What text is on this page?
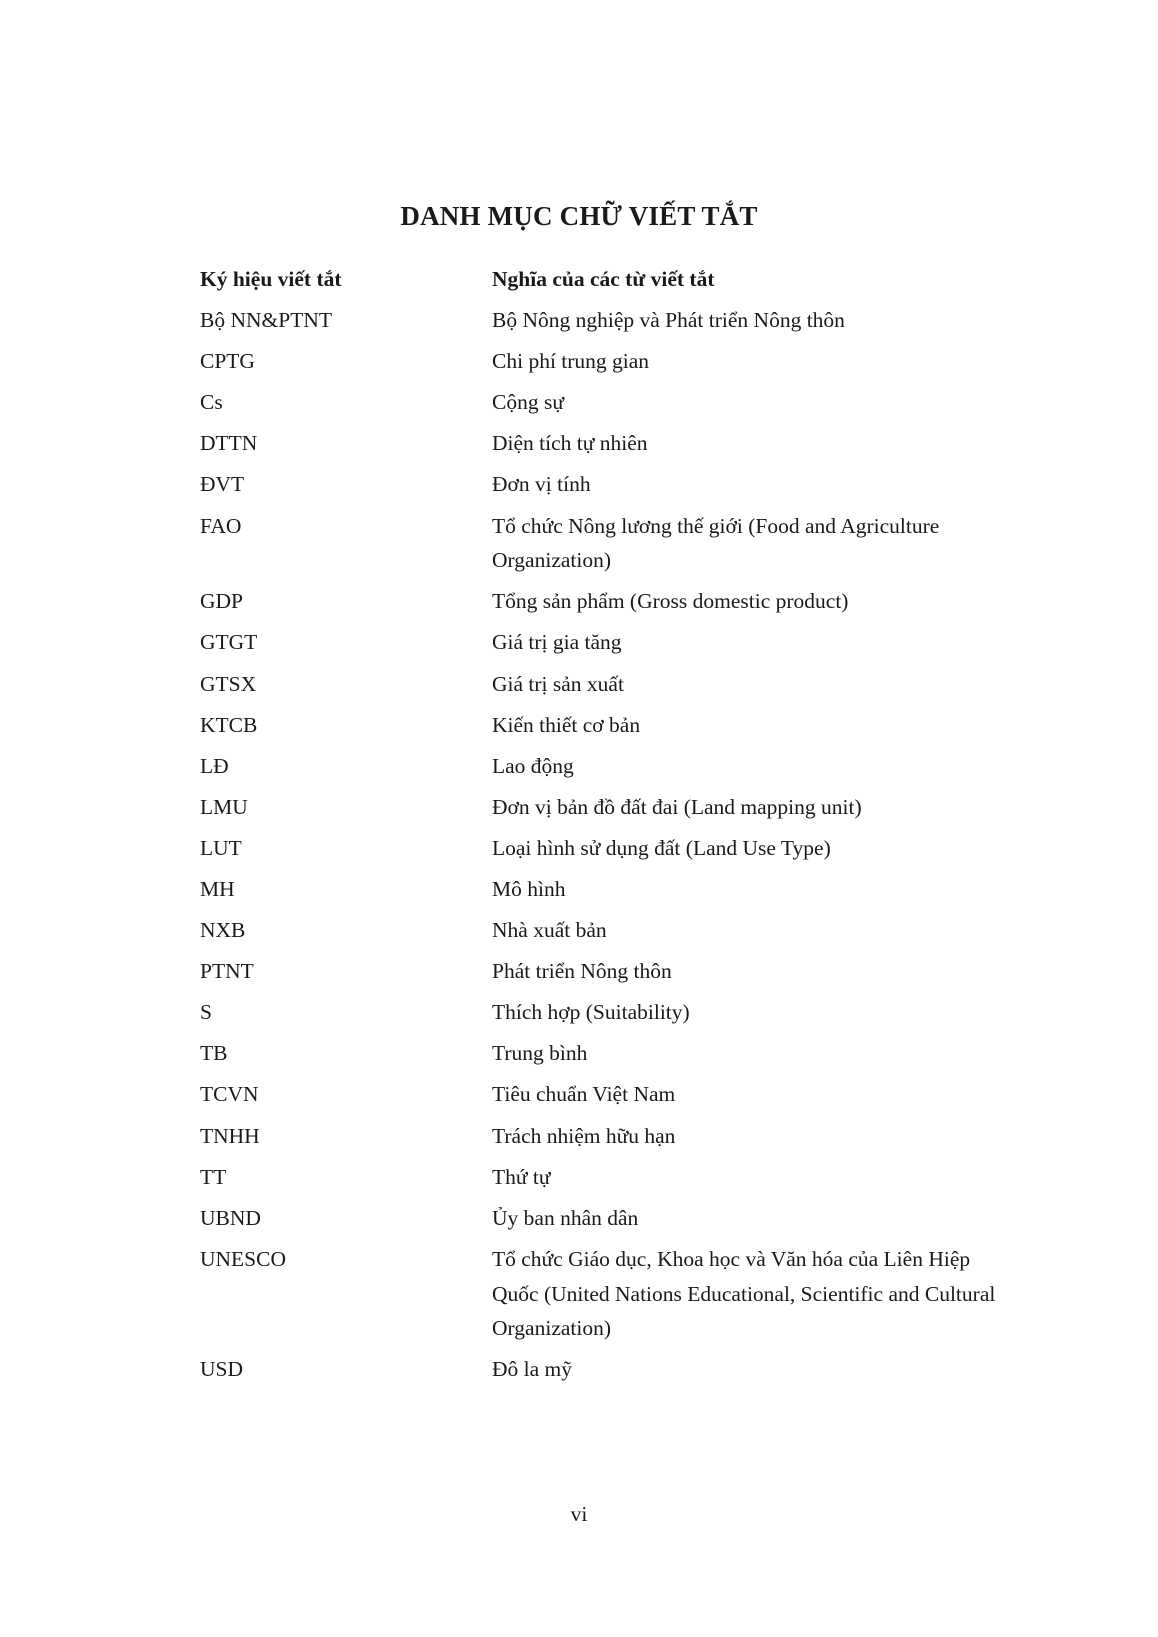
DANH MỤC CHỮ VIẾT TẮT
Ký hiệu viết tắt	Nghĩa của các từ viết tắt
Bộ NN&PTNT	Bộ Nông nghiệp và Phát triển Nông thôn
CPTG	Chi phí trung gian
Cs	Cộng sự
DTTN	Diện tích tự nhiên
ĐVT	Đơn vị tính
FAO	Tổ chức Nông lương thế giới (Food and Agriculture Organization)
GDP	Tổng sản phẩm (Gross domestic product)
GTGT	Giá trị gia tăng
GTSX	Giá trị sản xuất
KTCB	Kiến thiết cơ bản
LĐ	Lao động
LMU	Đơn vị bản đồ đất đai (Land mapping unit)
LUT	Loại hình sử dụng đất (Land Use Type)
MH	Mô hình
NXB	Nhà xuất bản
PTNT	Phát triển Nông thôn
S	Thích hợp (Suitability)
TB	Trung bình
TCVN	Tiêu chuẩn Việt Nam
TNHH	Trách nhiệm hữu hạn
TT	Thứ tự
UBND	Ủy ban nhân dân
UNESCO	Tổ chức Giáo dục, Khoa học và Văn hóa của Liên Hiệp Quốc (United Nations Educational, Scientific and Cultural Organization)
USD	Đô la mỹ
vi
